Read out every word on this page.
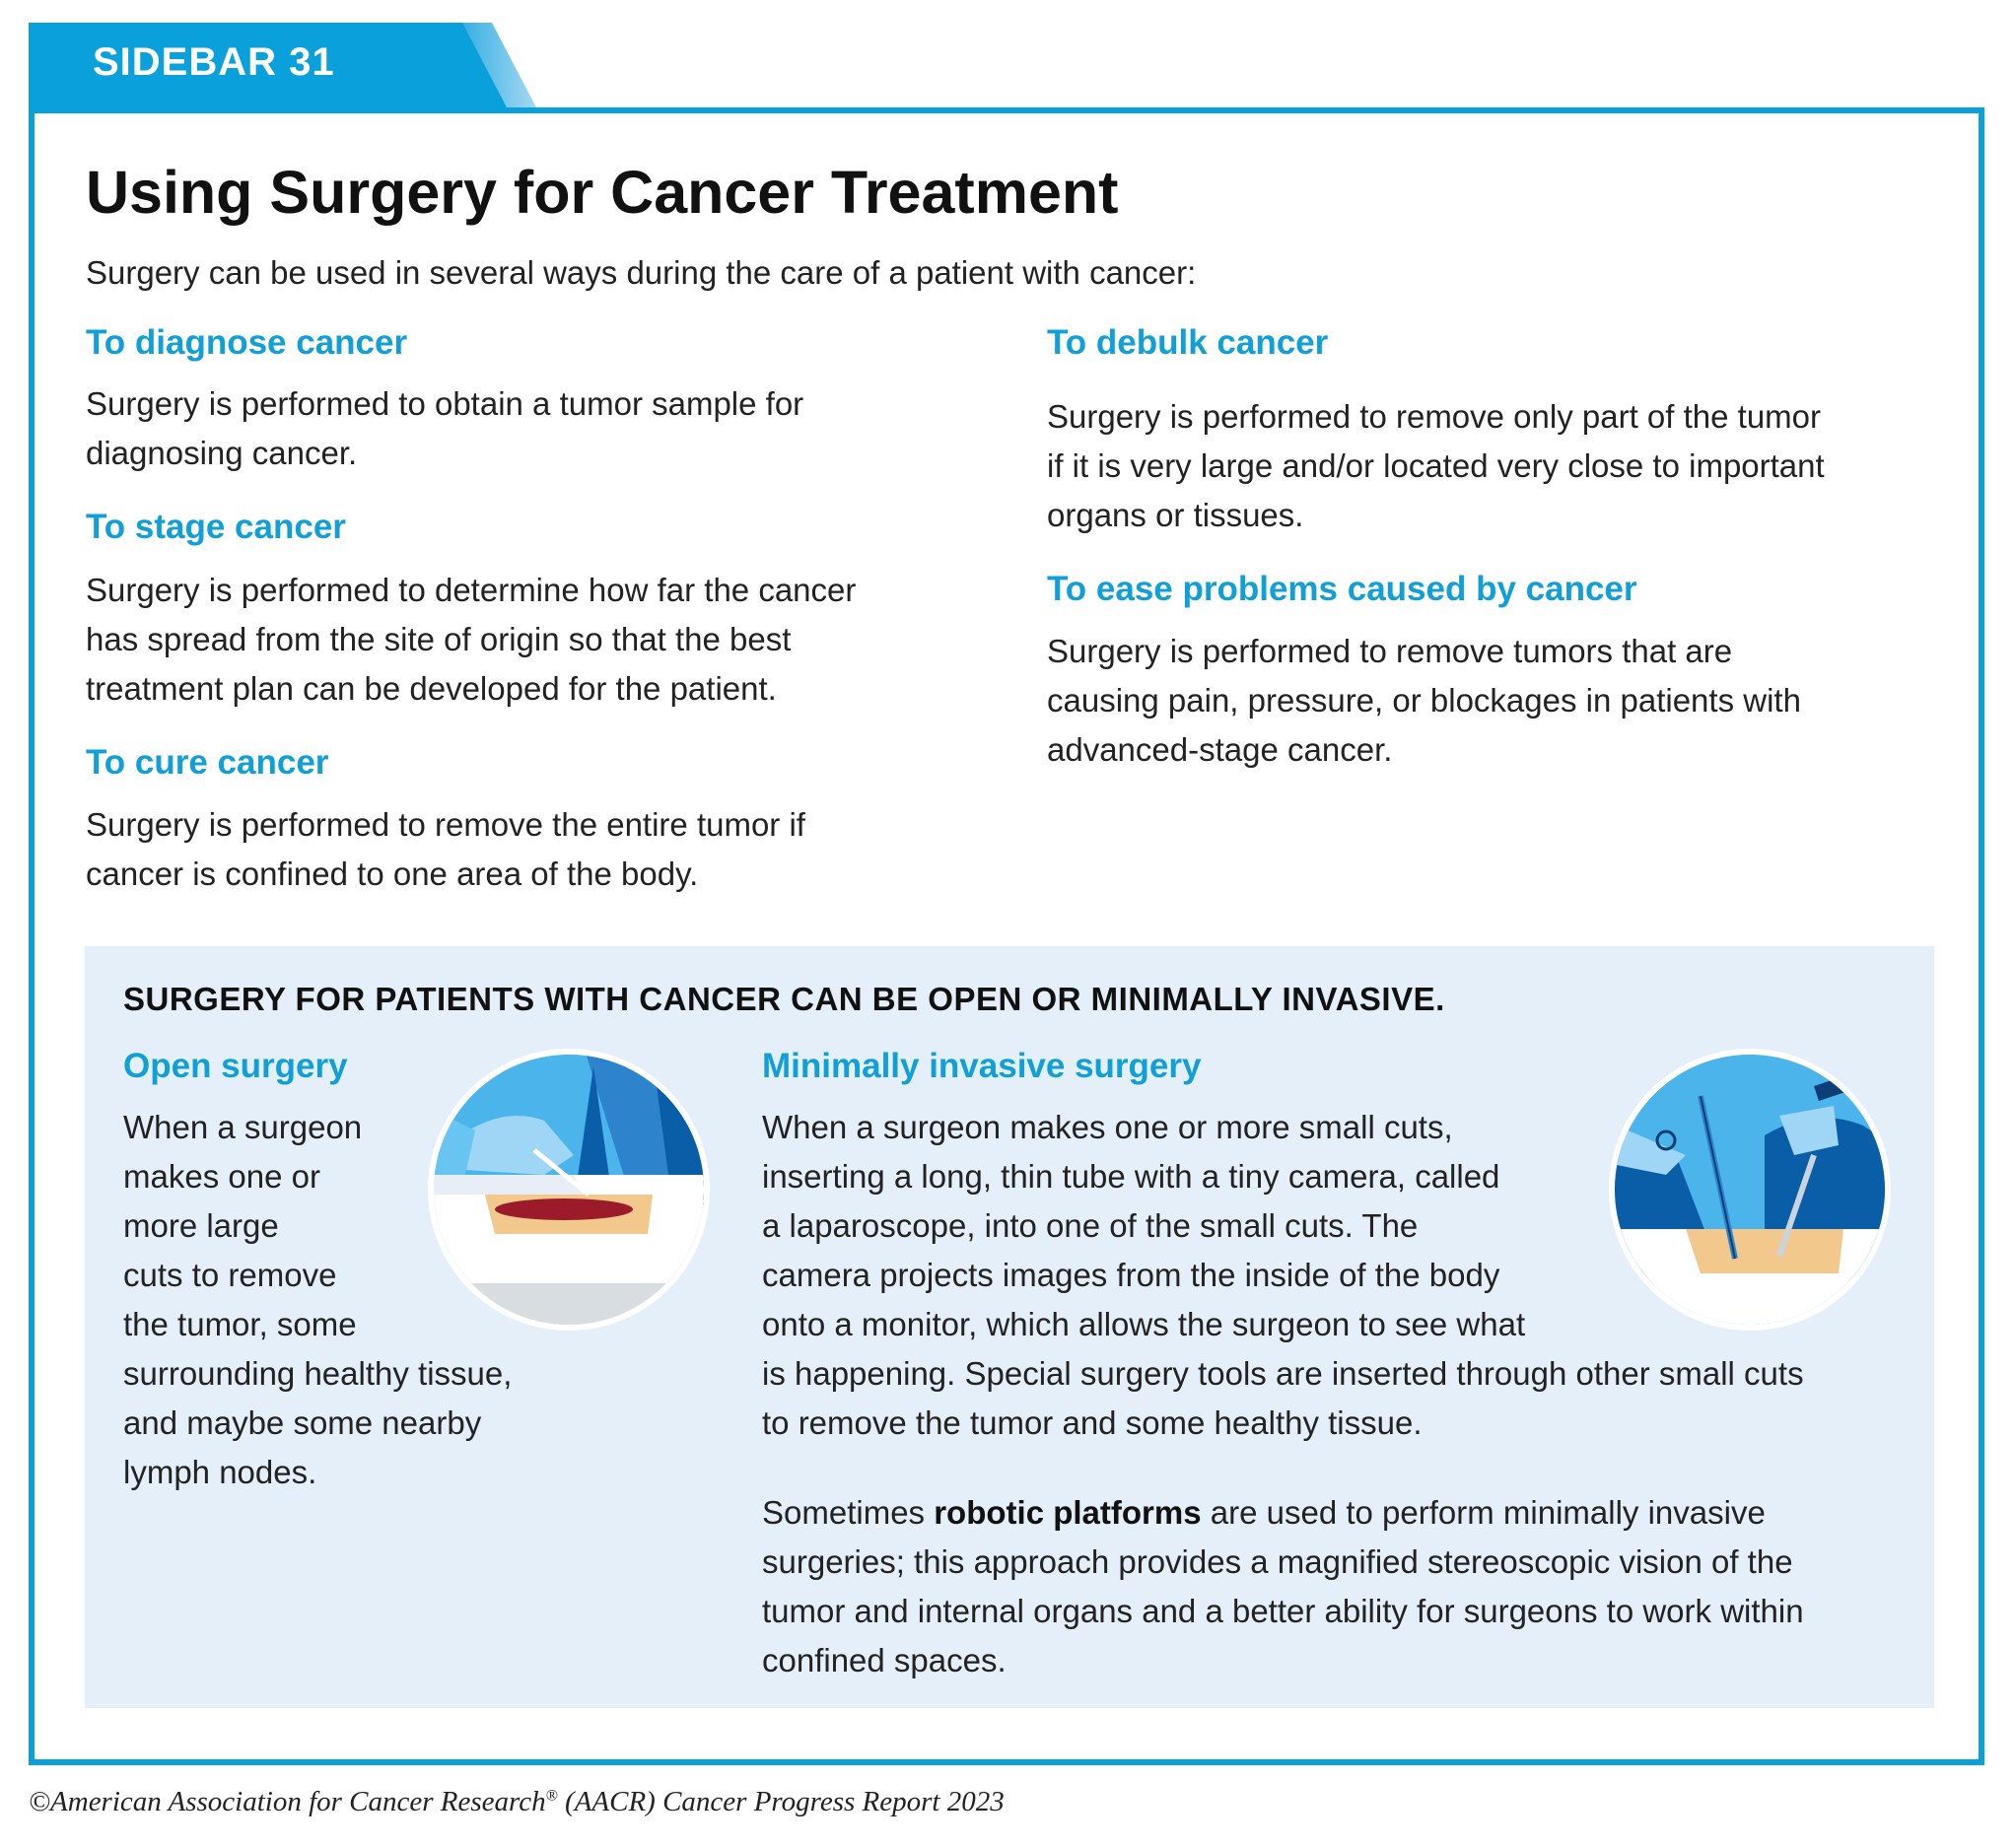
SIDEBAR 31
Using Surgery for Cancer Treatment
Surgery can be used in several ways during the care of a patient with cancer:
To diagnose cancer
Surgery is performed to obtain a tumor sample for
diagnosing cancer.
To stage cancer
Surgery is performed to determine how far the cancer
has spread from the site of origin so that the best
treatment plan can be developed for the patient.
To cure cancer
Surgery is performed to remove the entire tumor if
cancer is confined to one area of the body.
To debulk cancer
Surgery is performed to remove only part of the tumor
if it is very large and/or located very close to important
organs or tissues.
To ease problems caused by cancer
Surgery is performed to remove tumors that are
causing pain, pressure, or blockages in patients with
advanced-stage cancer.
SURGERY FOR PATIENTS WITH CANCER CAN BE OPEN OR MINIMALLY INVASIVE.
Open surgery
When a surgeon
makes one or
more large
cuts to remove
the tumor, some
surrounding healthy tissue,
and maybe some nearby
lymph nodes.
Minimally invasive surgery
When a surgeon makes one or more small cuts,
inserting a long, thin tube with a tiny camera, called
a laparoscope, into one of the small cuts. The
camera projects images from the inside of the body
onto a monitor, which allows the surgeon to see what
is happening. Special surgery tools are inserted through other small cuts
to remove the tumor and some healthy tissue.
Sometimes robotic platforms are used to perform minimally invasive
surgeries; this approach provides a magnified stereoscopic vision of the
tumor and internal organs and a better ability for surgeons to work within
confined spaces.
©American Association for Cancer Research® (AACR) Cancer Progress Report 2023
